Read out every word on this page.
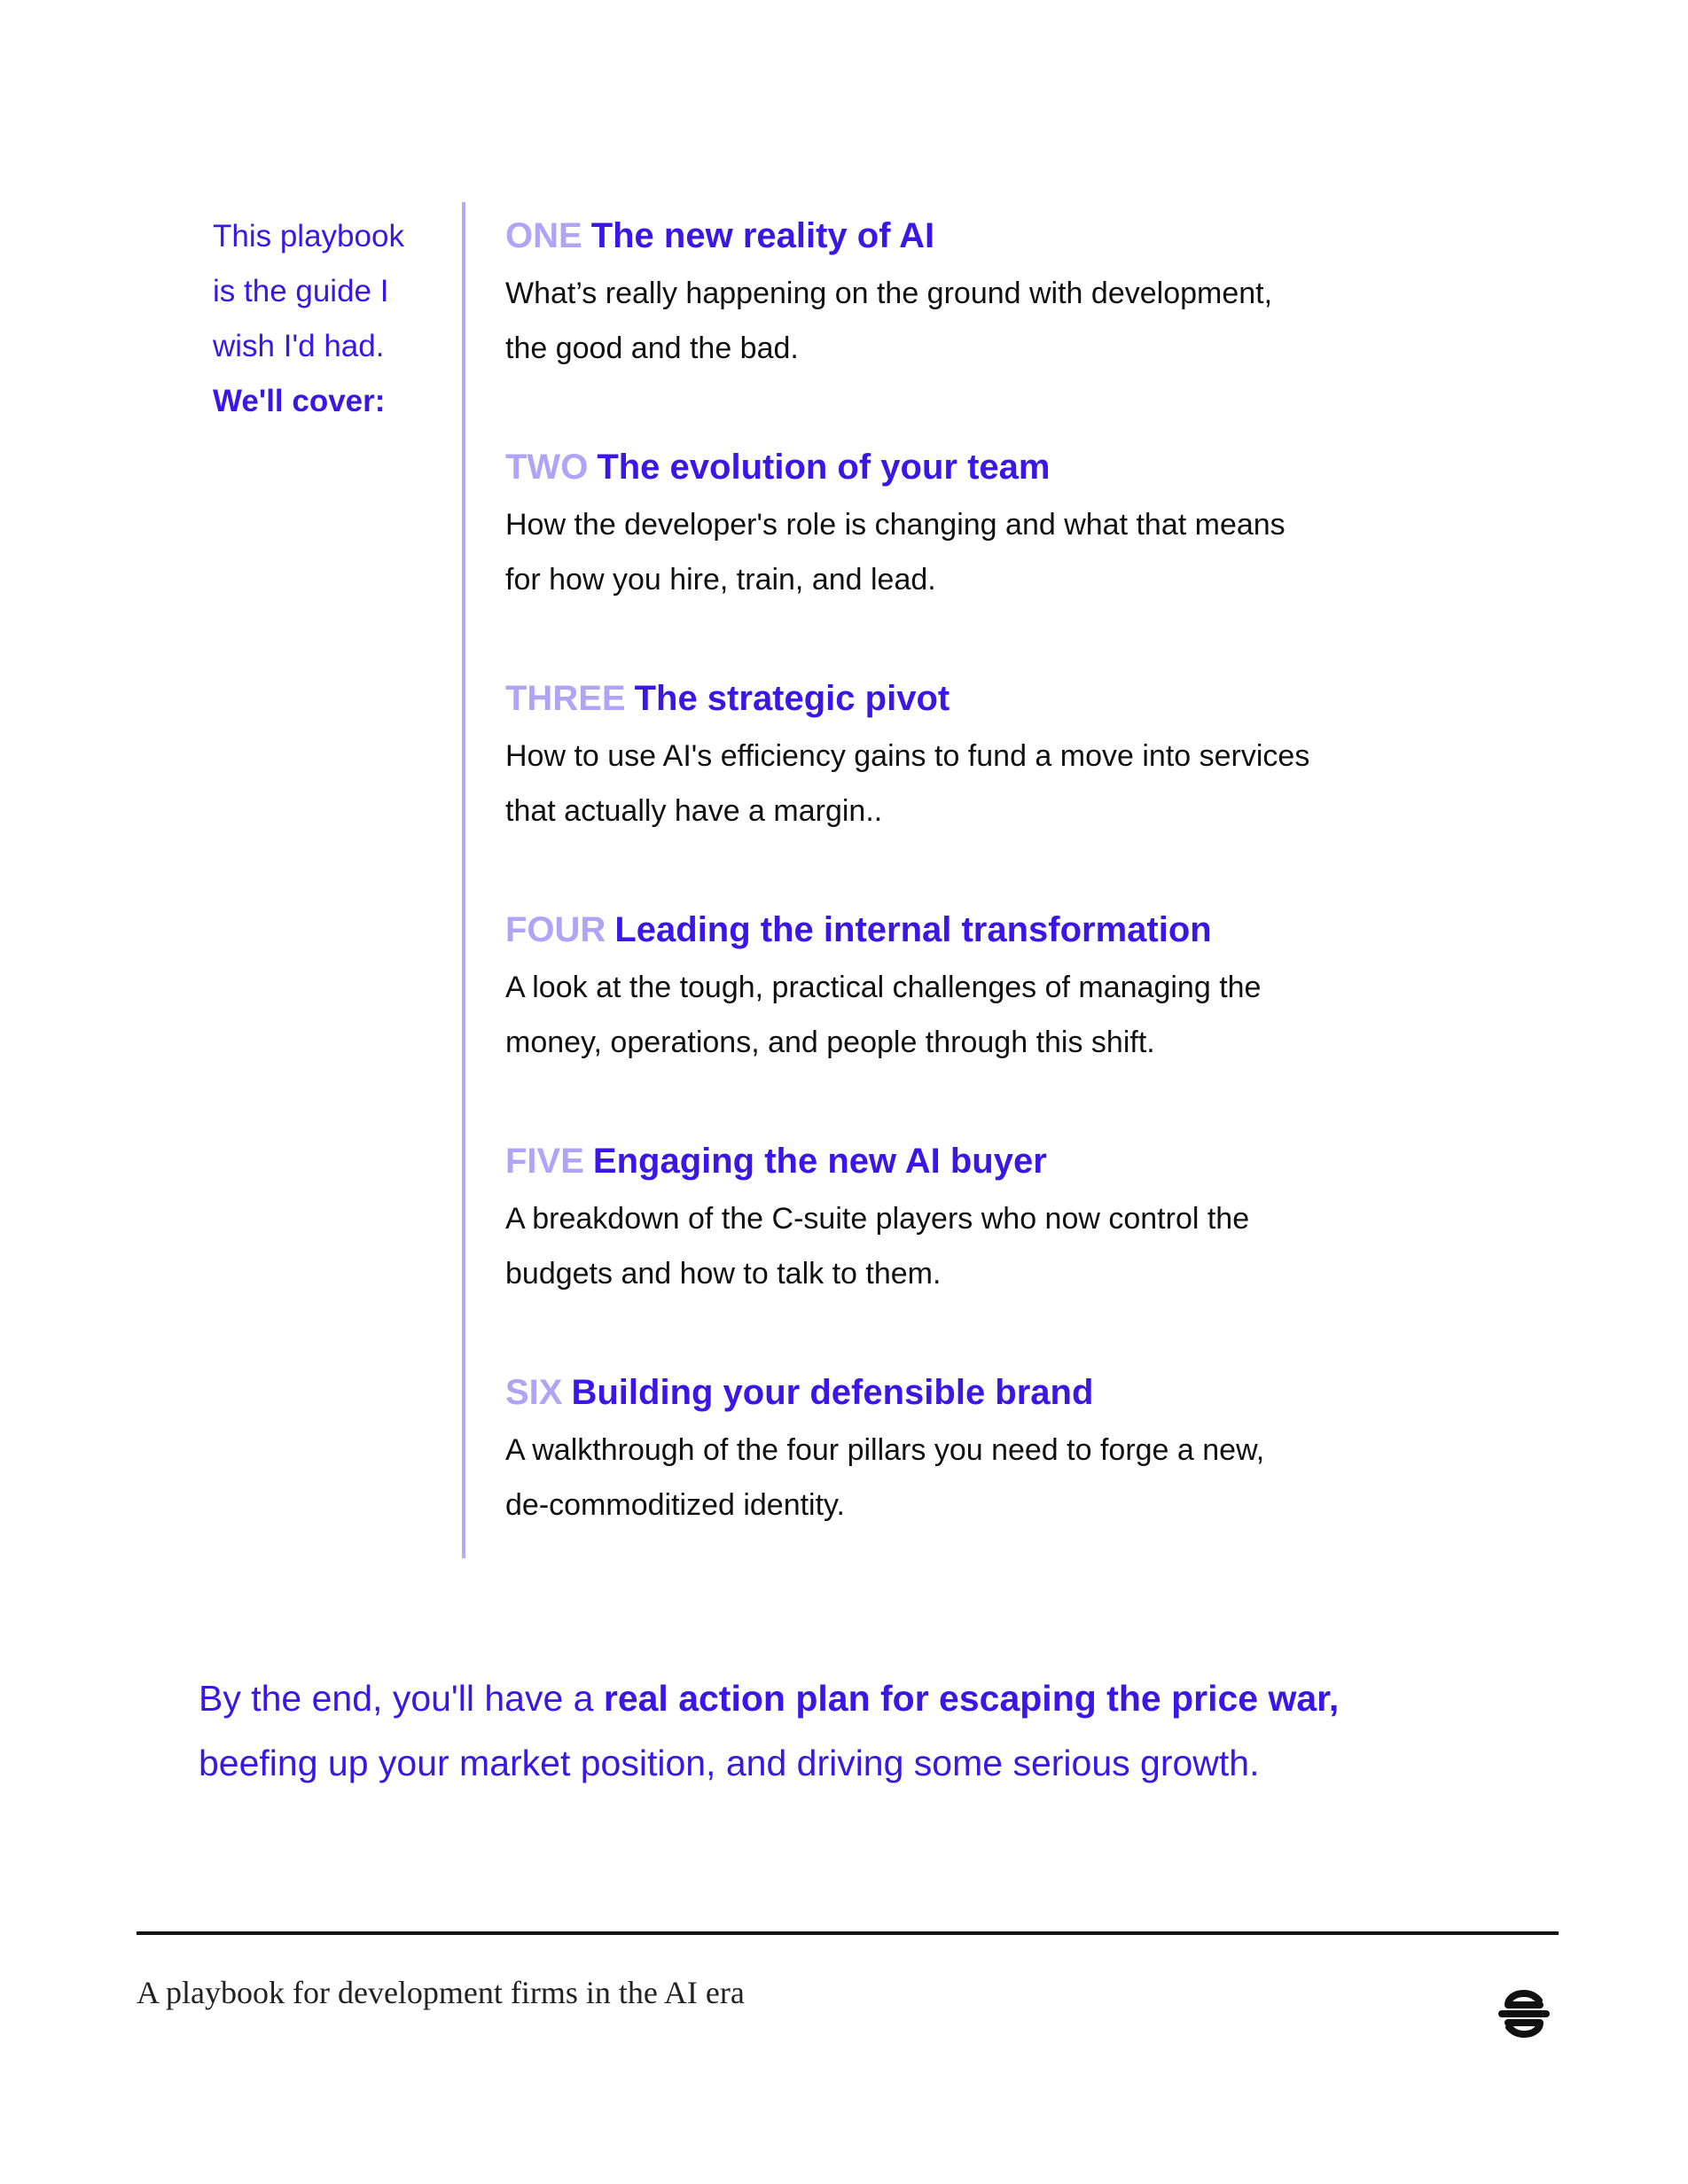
This playbook
is the guide I
wish I'd had.
We'll cover:
ONE The new reality of AI
What’s really happening on the ground with development,
the good and the bad.
TWO The evolution of your team
How the developer's role is changing and what that means
for how you hire, train, and lead.
THREE The strategic pivot
How to use AI's efficiency gains to fund a move into services
that actually have a margin..
FOUR Leading the internal transformation
A look at the tough, practical challenges of managing the
money, operations, and people through this shift.
FIVE Engaging the new AI buyer
A breakdown of the C-suite players who now control the
budgets and how to talk to them.
SIX Building your defensible brand
A walkthrough of the four pillars you need to forge a new,
de-commoditized identity.
By the end, you'll have a real action plan for escaping the price war,
beefing up your market position, and driving some serious growth.
A playbook for development firms in the AI era
